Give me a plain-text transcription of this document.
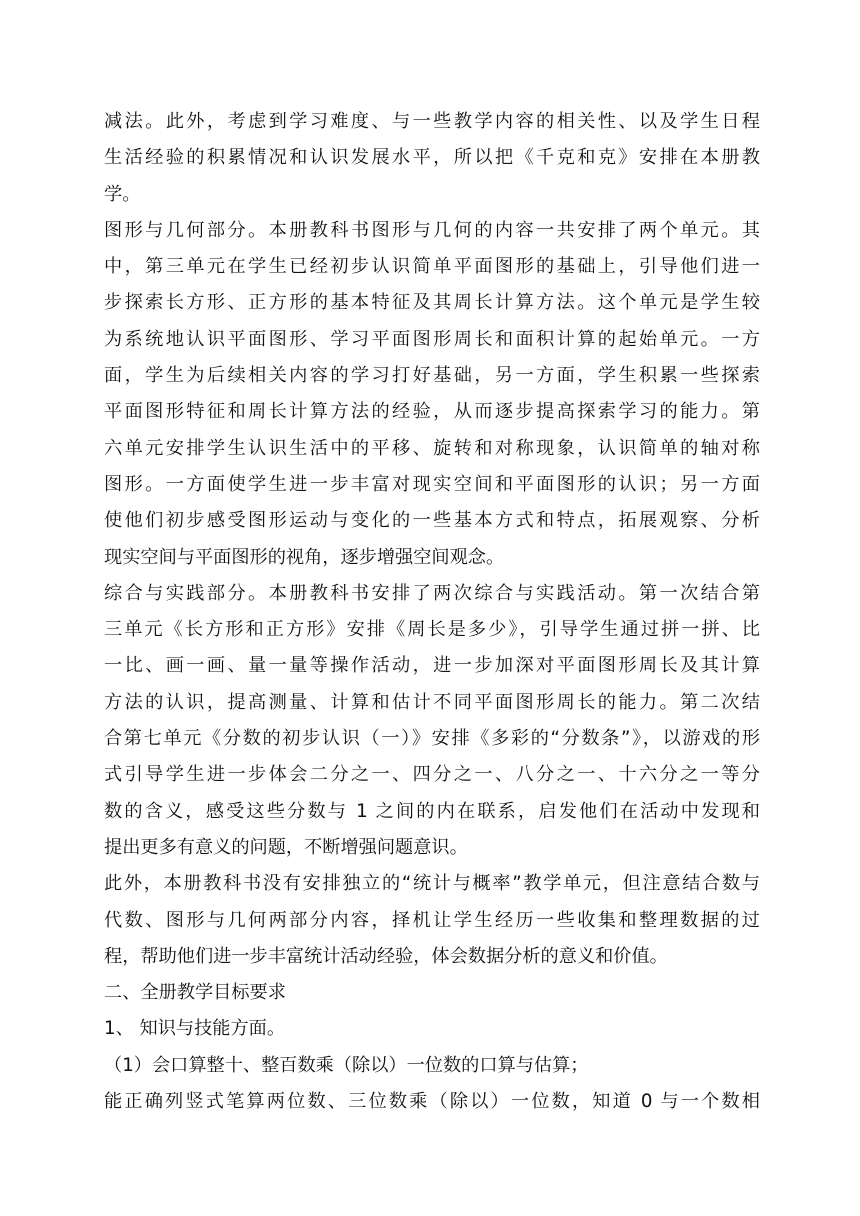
减法。此外，考虑到学习难度、与一些教学内容的相关性、以及学生日程
生活经验的积累情况和认识发展水平，所以把《千克和克》安排在本册教
学。
图形与几何部分。本册教科书图形与几何的内容一共安排了两个单元。其
中，第三单元在学生已经初步认识简单平面图形的基础上，引导他们进一
步探索长方形、正方形的基本特征及其周长计算方法。这个单元是学生较
为系统地认识平面图形、学习平面图形周长和面积计算的起始单元。一方
面，学生为后续相关内容的学习打好基础，另一方面，学生积累一些探索
平面图形特征和周长计算方法的经验，从而逐步提高探索学习的能力。第
六单元安排学生认识生活中的平移、旋转和对称现象，认识简单的轴对称
图形。一方面使学生进一步丰富对现实空间和平面图形的认识；另一方面
使他们初步感受图形运动与变化的一些基本方式和特点，拓展观察、分析
现实空间与平面图形的视角，逐步增强空间观念。
综合与实践部分。本册教科书安排了两次综合与实践活动。第一次结合第
三单元《长方形和正方形》安排《周长是多少》，引导学生通过拼一拼、比
一比、画一画、量一量等操作活动，进一步加深对平面图形周长及其计算
方法的认识，提高测量、计算和估计不同平面图形周长的能力。第二次结
合第七单元《分数的初步认识（一）》安排《多彩的“分数条”》，以游戏的形
式引导学生进一步体会二分之一、四分之一、八分之一、十六分之一等分
数的含义，感受这些分数与 1 之间的内在联系，启发他们在活动中发现和
提出更多有意义的问题，不断增强问题意识。
此外，本册教科书没有安排独立的“统计与概率”教学单元，但注意结合数与
代数、图形与几何两部分内容，择机让学生经历一些收集和整理数据的过
程，帮助他们进一步丰富统计活动经验，体会数据分析的意义和价值。
二、全册教学目标要求
1、 知识与技能方面。
（1）会口算整十、整百数乘（除以）一位数的口算与估算；
能正确列竖式笔算两位数、三位数乘（除以）一位数，知道 0 与一个数相
